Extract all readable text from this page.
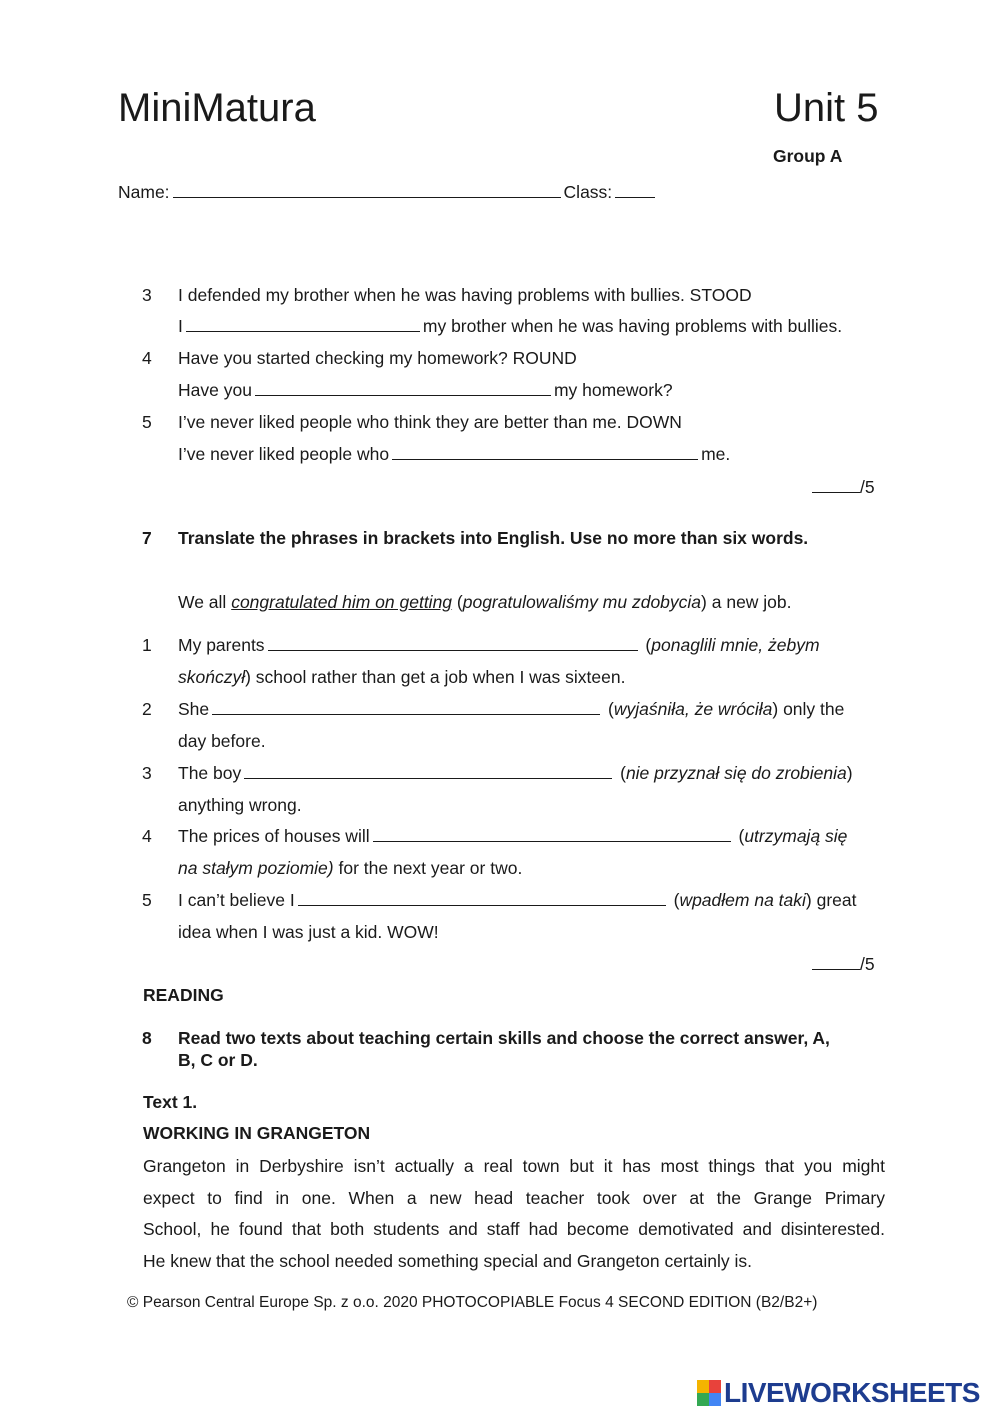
MiniMatura	Unit 5
Group A
Name:	Class:
3 I defended my brother when he was having problems with bullies. STOOD
I	my brother when he was having problems with bullies.
4 Have you started checking my homework? ROUND
Have you	my homework?
5 I’ve never liked people who think they are better than me. DOWN
I’ve never liked people who	me.
/5
7 Translate the phrases in brackets into English. Use no more than six words.
We all congratulated him on getting (pogratulowaliśmy mu zdobycia) a new job.
1 My parents	(ponaglili mnie, żebym
skończył) school rather than get a job when I was sixteen.
2 She	(wyjaśniła, że wróciła) only the
day before.
3 The boy	(nie przyznał się do zrobienia)
anything wrong.
4 The prices of houses will	(utrzymają się
na stałym poziomie) for the next year or two.
5 I can’t believe I	(wpadłem na taki) great
idea when I was just a kid. WOW!
/5
READING
8 Read two texts about teaching certain skills and choose the correct answer, A,
B, C or D.
Text 1.
WORKING IN GRANGETON
Grangeton in Derbyshire isn’t actually a real town but it has most things that you might
expect to find in one. When a new head teacher took over at the Grange Primary
School, he found that both students and staff had become demotivated and disinterested.
He knew that the school needed something special and Grangeton certainly is.
© Pearson Central Europe Sp. z o.o. 2020 PHOTOCOPIABLE Focus 4 SECOND EDITION (B2/B2+)
LIVEWORKSHEETS
